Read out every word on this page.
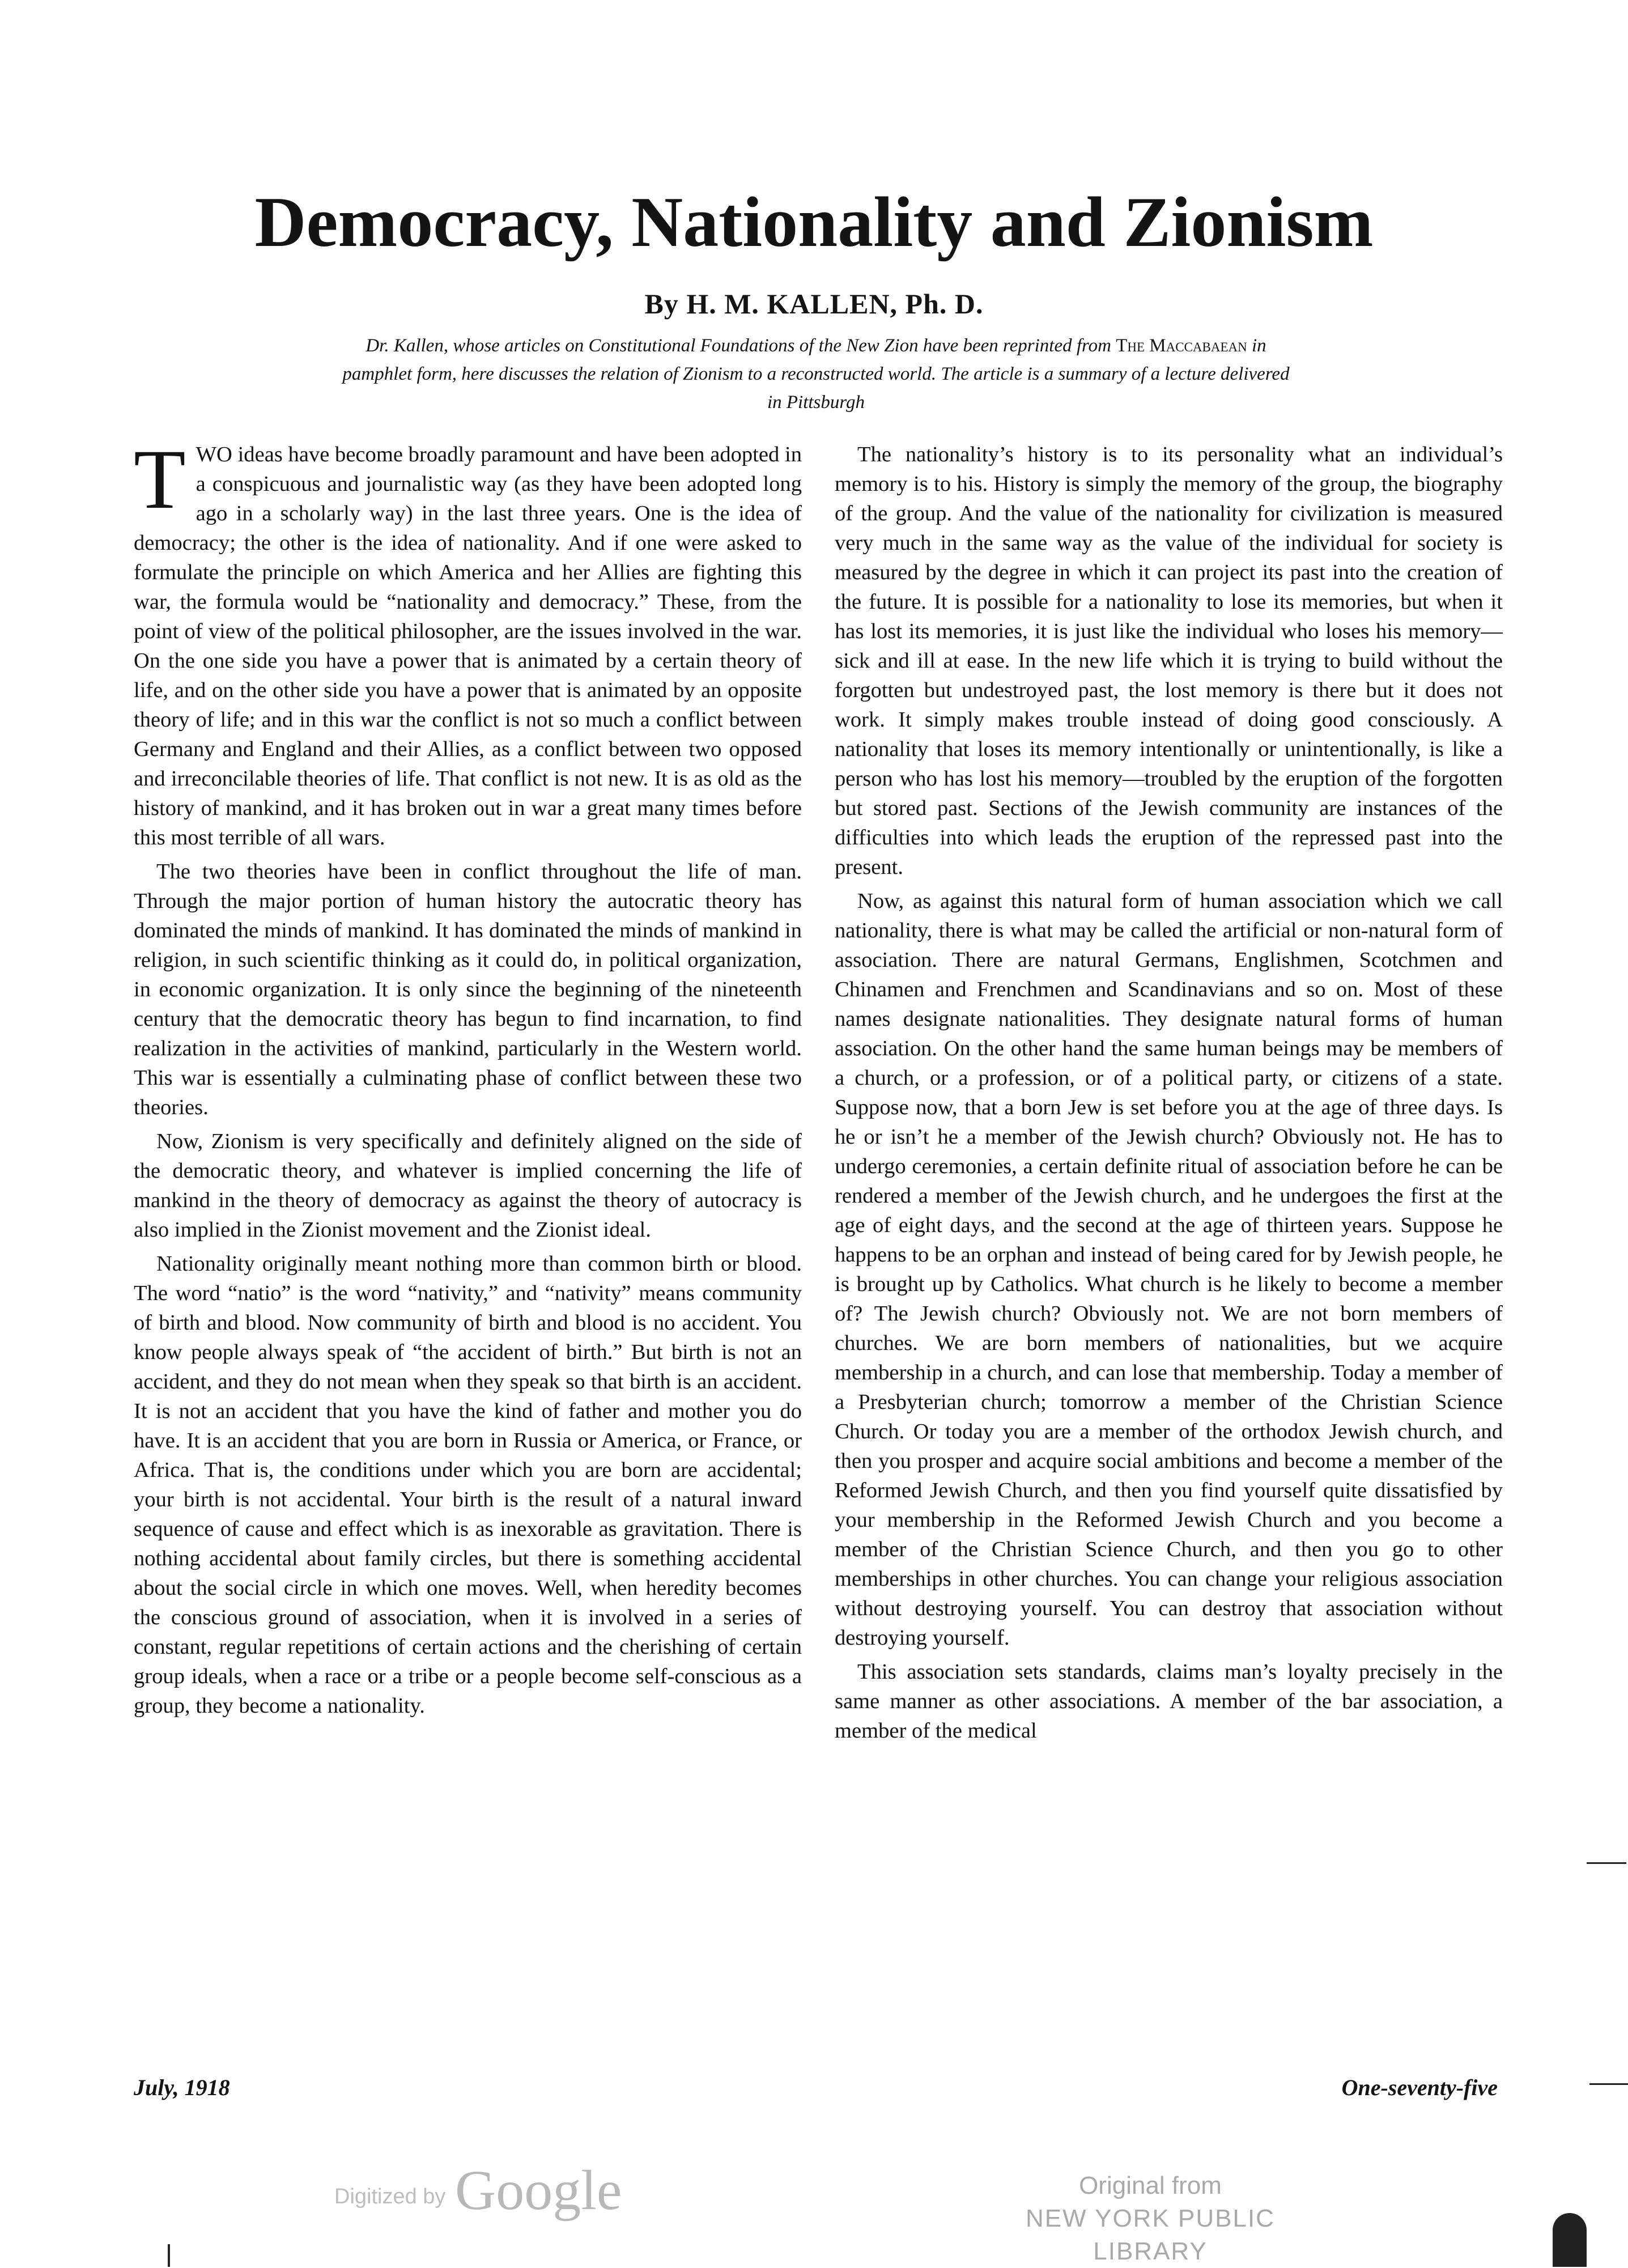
Democracy, Nationality and Zionism
By H. M. KALLEN, Ph. D.

Dr. Kallen, whose articles on Constitutional Foundations of the New Zion have been reprinted from The Maccabaean in pamphlet form, here discusses the relation of Zionism to a reconstructed world. The article is a summary of a lecture delivered in Pittsburgh

TWO ideas have become broadly paramount and have been adopted in a conspicuous and journalistic way (as they have been adopted long ago in a scholarly way) in the last three years. One is the idea of democracy; the other is the idea of nationality. And if one were asked to formulate the principle on which America and her Allies are fighting this war, the formula would be “nationality and democracy.” These, from the point of view of the political philosopher, are the issues involved in the war. On the one side you have a power that is animated by a certain theory of life, and on the other side you have a power that is animated by an opposite theory of life; and in this war the conflict is not so much a conflict between Germany and England and their Allies, as a conflict between two opposed and irreconcilable theories of life. That conflict is not new. It is as old as the history of mankind, and it has broken out in war a great many times before this most terrible of all wars.

The two theories have been in conflict throughout the life of man. Through the major portion of human history the autocratic theory has dominated the minds of mankind. It has dominated the minds of mankind in religion, in such scientific thinking as it could do, in political organization, in economic organization. It is only since the beginning of the nineteenth century that the democratic theory has begun to find incarnation, to find realization in the activities of mankind, particularly in the Western world. This war is essentially a culminating phase of conflict between these two theories.

Now, Zionism is very specifically and definitely aligned on the side of the democratic theory, and whatever is implied concerning the life of mankind in the theory of democracy as against the theory of autocracy is also implied in the Zionist movement and the Zionist ideal.

Nationality originally meant nothing more than common birth or blood. The word “natio” is the word “nativity,” and “nativity” means community of birth and blood. Now community of birth and blood is no accident. You know people always speak of “the accident of birth.” But birth is not an accident, and they do not mean when they speak so that birth is an accident. It is not an accident that you have the kind of father and mother you do have. It is an accident that you are born in Russia or America, or France, or Africa. That is, the conditions under which you are born are accidental; your birth is not accidental. Your birth is the result of a natural inward sequence of cause and effect which is as inexorable as gravitation. There is nothing accidental about family circles, but there is something accidental about the social circle in which one moves. Well, when heredity becomes the conscious ground of association, when it is involved in a series of constant, regular repetitions of certain actions and the cherishing of certain group ideals, when a race or a tribe or a people become self-conscious as a group, they become a nationality.

The nationality’s history is to its personality what an individual’s memory is to his. History is simply the memory of the group, the biography of the group. And the value of the nationality for civilization is measured very much in the same way as the value of the individual for society is measured by the degree in which it can project its past into the creation of the future. It is possible for a nationality to lose its memories, but when it has lost its memories, it is just like the individual who loses his memory—sick and ill at ease. In the new life which it is trying to build without the forgotten but undestroyed past, the lost memory is there but it does not work. It simply makes trouble instead of doing good consciously. A nationality that loses its memory intentionally or unintentionally, is like a person who has lost his memory—troubled by the eruption of the forgotten but stored past. Sections of the Jewish community are instances of the difficulties into which leads the eruption of the repressed past into the present.

Now, as against this natural form of human association which we call nationality, there is what may be called the artificial or non-natural form of association. There are natural Germans, Englishmen, Scotchmen and Chinamen and Frenchmen and Scandinavians and so on. Most of these names designate nationalities. They designate natural forms of human association. On the other hand the same human beings may be members of a church, or a profession, or of a political party, or citizens of a state. Suppose now, that a born Jew is set before you at the age of three days. Is he or isn’t he a member of the Jewish church? Obviously not. He has to undergo ceremonies, a certain definite ritual of association before he can be rendered a member of the Jewish church, and he undergoes the first at the age of eight days, and the second at the age of thirteen years. Suppose he happens to be an orphan and instead of being cared for by Jewish people, he is brought up by Catholics. What church is he likely to become a member of? The Jewish church? Obviously not. We are not born members of churches. We are born members of nationalities, but we acquire membership in a church, and can lose that membership. Today a member of a Presbyterian church; tomorrow a member of the Christian Science Church. Or today you are a member of the orthodox Jewish church, and then you prosper and acquire social ambitions and become a member of the Reformed Jewish Church, and then you find yourself quite dissatisfied by your membership in the Reformed Jewish Church and you become a member of the Christian Science Church, and then you go to other memberships in other churches. You can change your religious association without destroying yourself. You can destroy that association without destroying yourself.

This association sets standards, claims man’s loyalty precisely in the same manner as other associations. A member of the bar association, a member of the medical

July, 1918	One-seventy-five
Digitized by Google	Original from
NEW YORK PUBLIC LIBRARY
